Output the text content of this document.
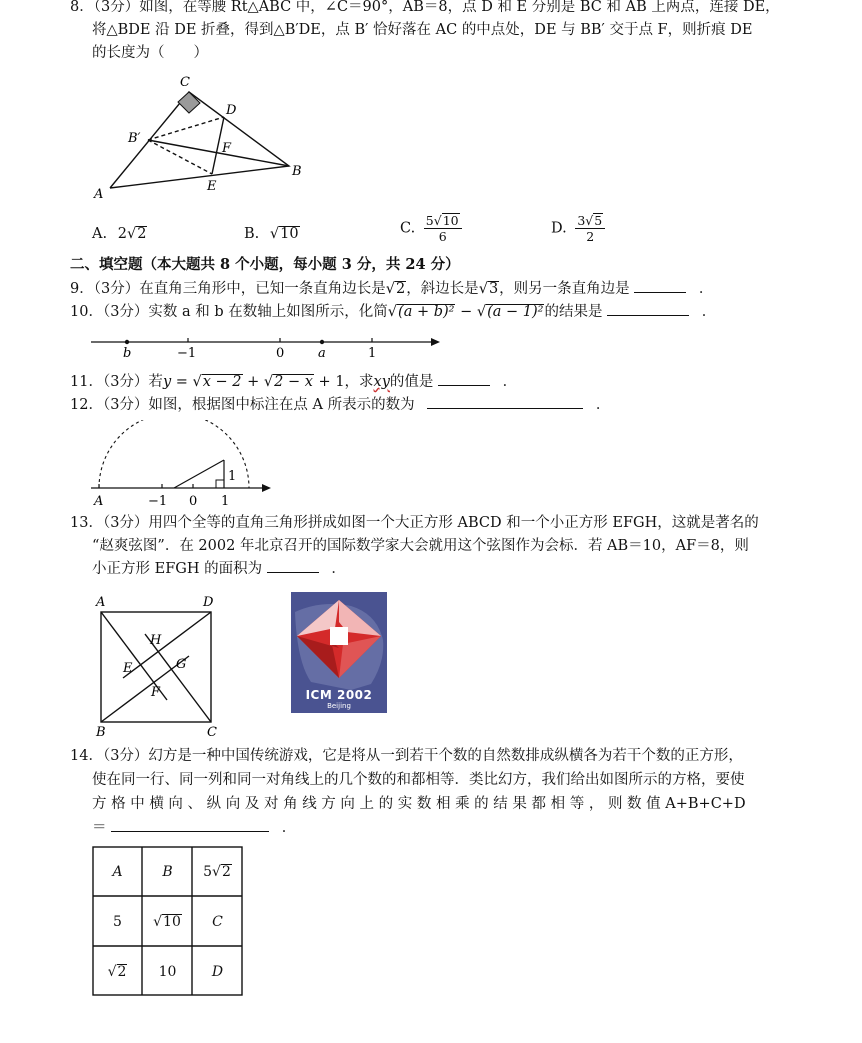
8．（3分）如图，在等腰 Rt△ABC 中，∠C＝90°，AB＝8，点 D 和 E 分别是 BC 和 AB 上两点，连接 DE，
将△BDE 沿 DE 折叠，得到△B′DE，点 B′ 恰好落在 AC 的中点处，DE 与 BB′ 交于点 F，则折痕 DE
的长度为（　　）
C
D
B′
F
A
E
B
A. 2√2	B. √10	C. $\frac{5√10}{6}$	D. $\frac{3√5}{2}$
二、填空题（本大题共 8 个小题，每小题 3 分，共 24 分）
9．（3分）在直角三角形中，已知一条直角边长是√2，斜边长是√3，则另一条直角边是	．
10．（3分）实数 a 和 b 在数轴上如图所示，化简√(a + b)² − √(a − 1)²的结果是	．
b	−1	0	a	1
11．（3分）若y = √x − 2 + √2 − x + 1，求xy的值是	．
12．（3分）如图，根据图中标注在点 A 所表示的数为	．
A	−1 0 1
1
13．（3分）用四个全等的直角三角形拼成如图一个大正方形 ABCD 和一个小正方形 EFGH，这就是著名的
“赵爽弦图”．在 2002 年北京召开的国际数学家大会就用这个弦图作为会标．若 AB＝10，AF＝8，则
小正方形 EFGH 的面积为	．
A	D
B	C
H
E	G
F	ICM 2002
Beijing
14．（3分）幻方是一种中国传统游戏，它是将从一到若干个数的自然数排成纵横各为若干个数的正方形，
使在同一行、同一列和同一对角线上的几个数的和都相等．类比幻方，我们给出如图所示的方格，要使
方 格 中 横 向 、 纵 向 及 对 角 线 方 向 上 的 实 数 相 乘 的 结 果 都 相 等 ， 则 数 值 A+B+C+D
＝	．
A	B	5 √ 2
5	√ 10	C
√ 2	10	D
